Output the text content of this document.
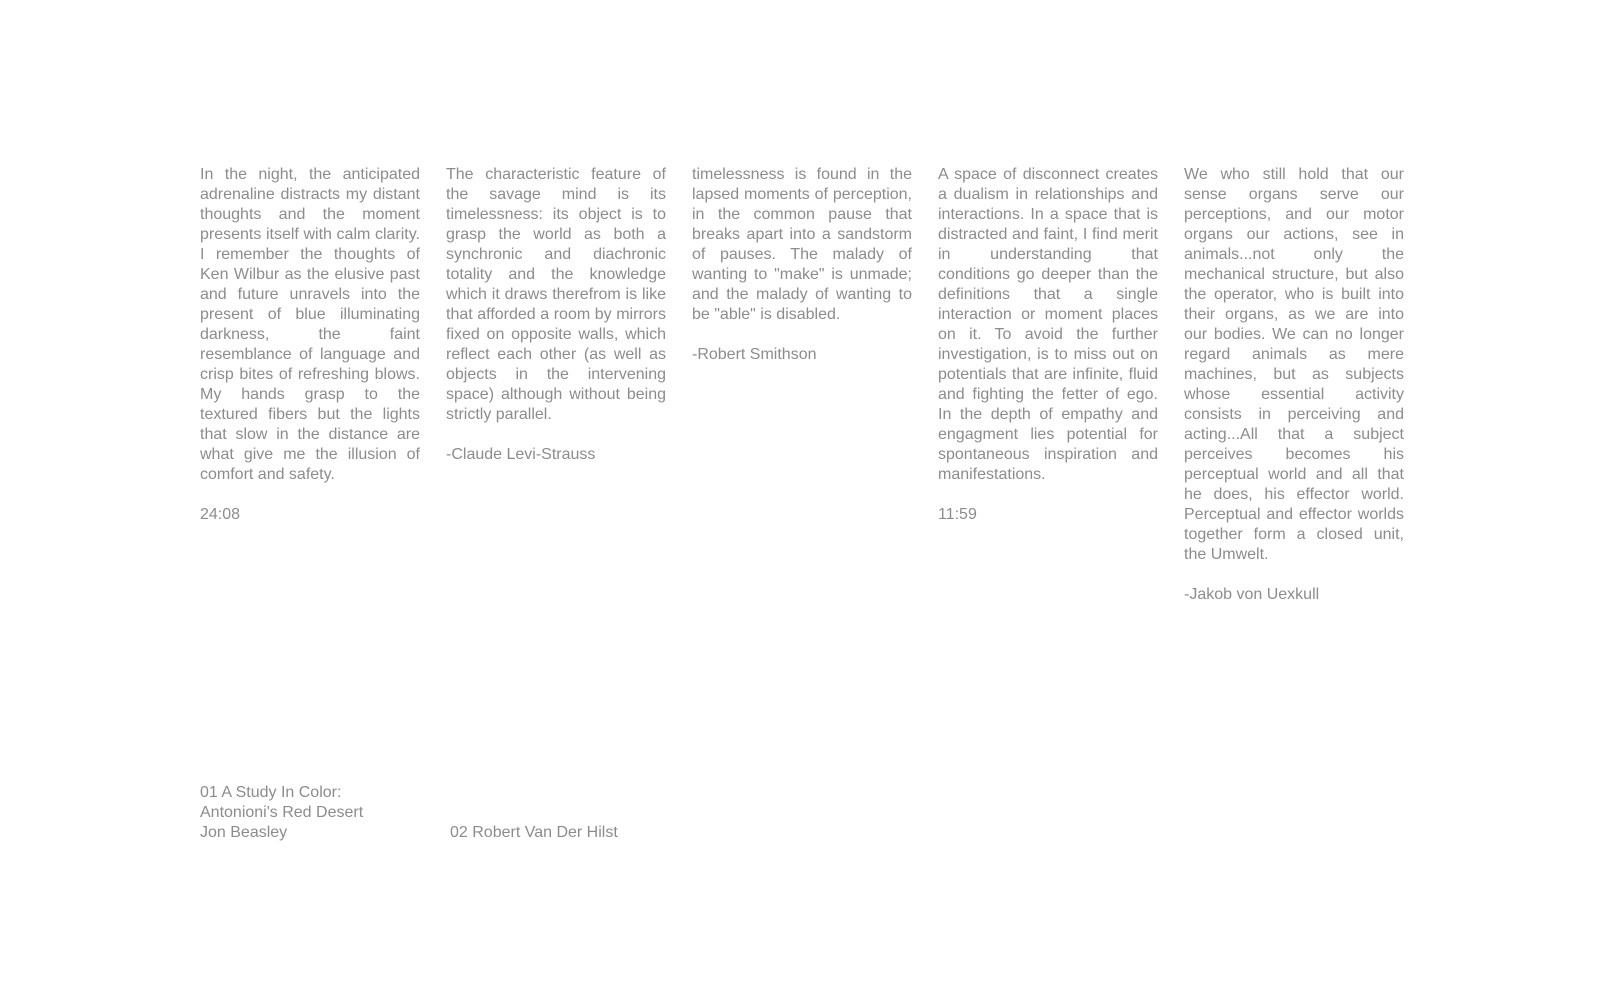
In the night, the anticipated adrenaline distracts my distant thoughts and the moment presents itself with calm clarity. I remember the thoughts of Ken Wilbur as the elusive past and future unravels into the present of blue illuminating darkness, the faint resemblance of language and crisp bites of refreshing blows. My hands grasp to the textured fibers but the lights that slow in the distance are what give me the illusion of comfort and safety.

24:08

The characteristic feature of the savage mind is its timelessness: its object is to grasp the world as both a synchronic and diachronic totality and the knowledge which it draws therefrom is like that afforded a room by mirrors fixed on opposite walls, which reflect each other (as well as objects in the intervening space) although without being strictly parallel.

-Claude Levi-Strauss

timelessness is found in the lapsed moments of perception, in the common pause that breaks apart into a sandstorm of pauses. The malady of wanting to "make" is unmade; and the malady of wanting to be "able" is disabled.

-Robert Smithson

A space of disconnect creates a dualism in relationships and interactions. In a space that is distracted and faint, I find merit in understanding that conditions go deeper than the definitions that a single interaction or moment places on it. To avoid the further investigation, is to miss out on potentials that are infinite, fluid and fighting the fetter of ego. In the depth of empathy and engagment lies potential for spontaneous inspiration and manifestations.

11:59

We who still hold that our sense organs serve our perceptions, and our motor organs our actions, see in animals...not only the mechanical structure, but also the operator, who is built into their organs, as we are into our bodies. We can no longer regard animals as mere machines, but as subjects whose essential activity consists in perceiving and acting...All that a subject perceives becomes his perceptual world and all that he does, his effector world. Perceptual and effector worlds together form a closed unit, the Umwelt.

-Jakob von Uexkull

01 A Study In Color:
Antonioni's Red Desert
Jon Beasley	02 Robert Van Der Hilst
